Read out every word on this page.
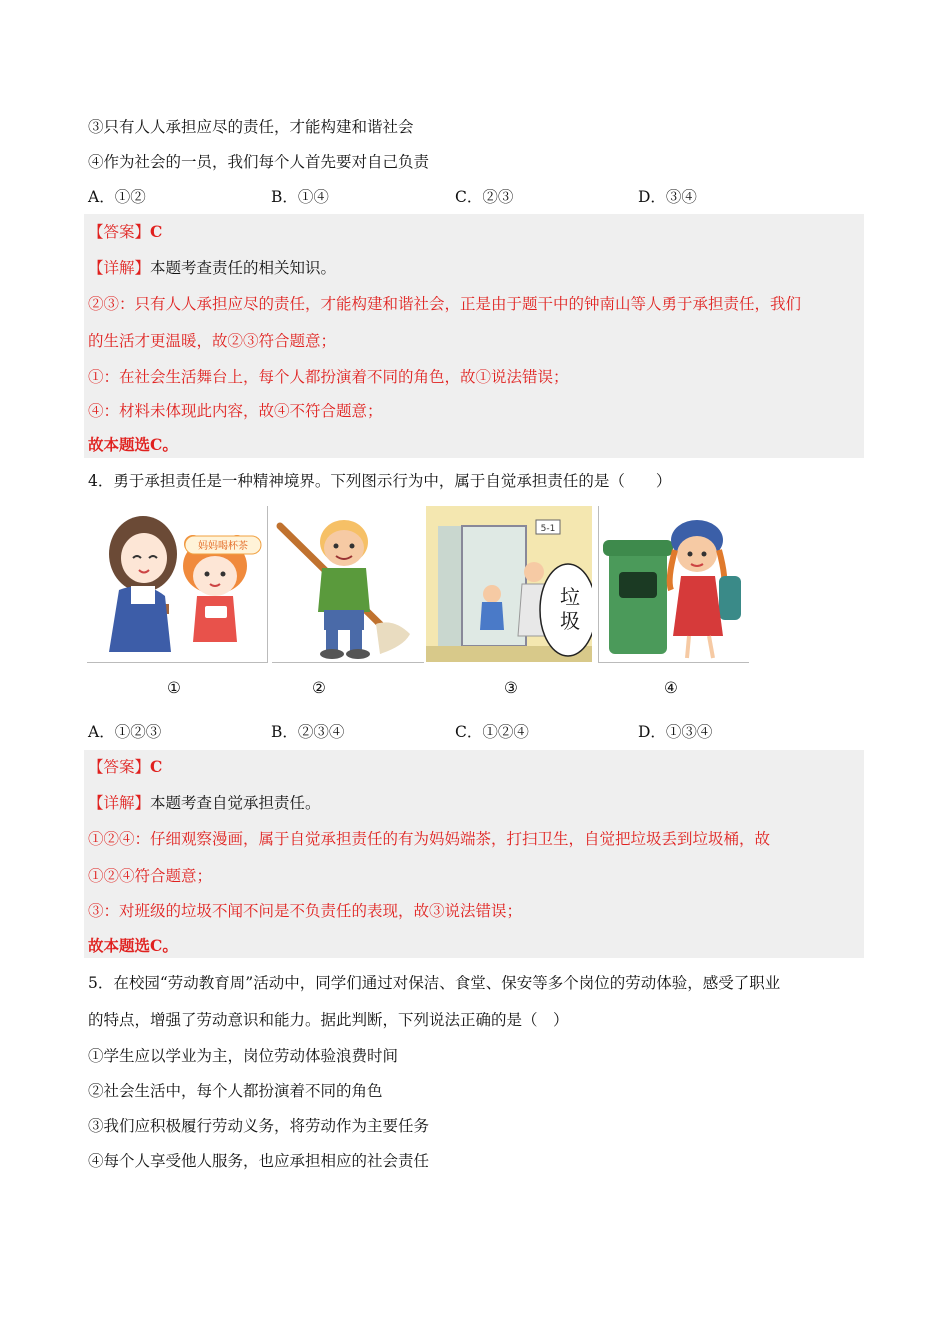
③只有人人承担应尽的责任，才能构建和谐社会
④作为社会的一员，我们每个人首先要对自己负责
A．①②	B．①④	C．②③	D．③④
【答案】C
【详解】本题考查责任的相关知识。
②③：只有人人承担应尽的责任，才能构建和谐社会，正是由于题干中的钟南山等人勇于承担责任，我们
的生活才更温暖，故②③符合题意；
①：在社会生活舞台上，每个人都扮演着不同的角色，故①说法错误；
④：材料未体现此内容，故④不符合题意；
故本题选C。
4．勇于承担责任是一种精神境界。下列图示行为中，属于自觉承担责任的是（　　）
妈妈喝杯茶
5-1
垃
圾
①	②	③	④
A．①②③	B．②③④	C．①②④	D．①③④
【答案】C
【详解】本题考查自觉承担责任。
①②④：仔细观察漫画，属于自觉承担责任的有为妈妈端茶，打扫卫生，自觉把垃圾丢到垃圾桶，故
①②④符合题意；
③：对班级的垃圾不闻不问是不负责任的表现，故③说法错误；
故本题选C。
5．在校园“劳动教育周”活动中，同学们通过对保洁、食堂、保安等多个岗位的劳动体验，感受了职业
的特点，增强了劳动意识和能力。据此判断，下列说法正确的是（　）
①学生应以学业为主，岗位劳动体验浪费时间
②社会生活中，每个人都扮演着不同的角色
③我们应积极履行劳动义务，将劳动作为主要任务
④每个人享受他人服务，也应承担相应的社会责任
